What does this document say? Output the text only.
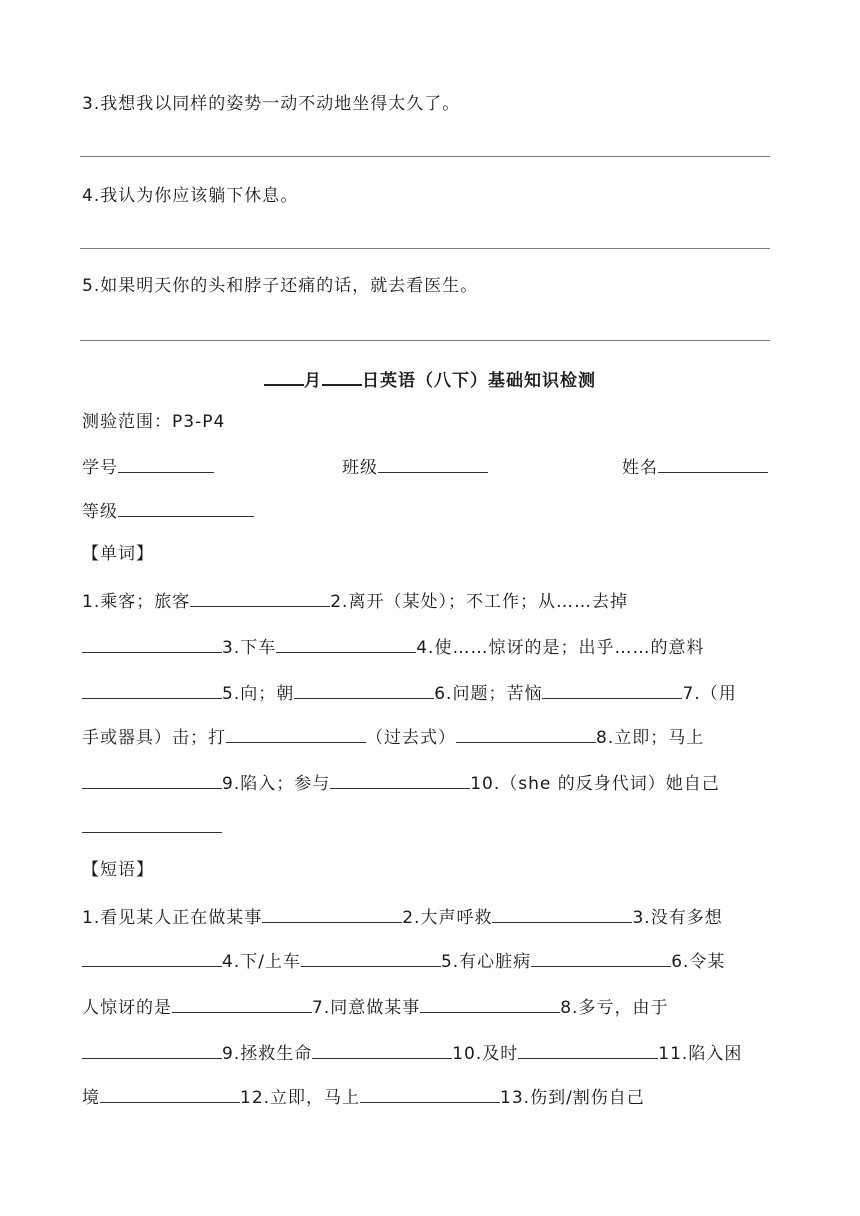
3.我想我以同样的姿势一动不动地坐得太久了。
4.我认为你应该躺下休息。
5.如果明天你的头和脖子还痛的话，就去看医生。
月 日英语（八下）基础知识检测
测验范围：P3-P4
学号	班级	姓名
等级
【单词】
1.乘客；旅客	2.离开（某处）；不工作；从……去掉
3.下车	4.使……惊讶的是；出乎……的意料
5.向；朝	6.问题；苦恼	7.（用
手或器具）击；打	（过去式）	8.立即；马上
9.陷入；参与	10.（she 的反身代词）她自己
【短语】
1.看见某人正在做某事	2.大声呼救	3.没有多想
4.下/上车	5.有心脏病	6.令某
人惊讶的是	7.同意做某事	8.多亏，由于
9.拯救生命	10.及时	11.陷入困
境	12.立即，马上	13.伤到/割伤自己
